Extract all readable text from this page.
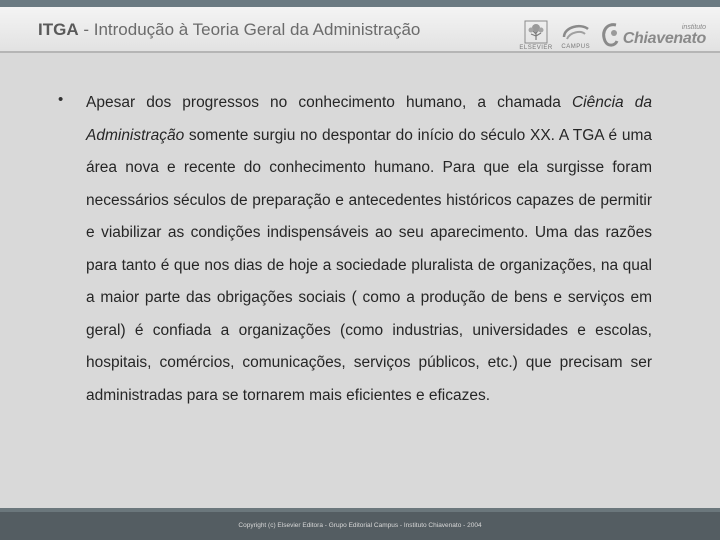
ITGA - Introdução à Teoria Geral da Administração
ELSEVIER CAMPUS
instituto
Chiavenato
• Apesar dos progressos no conhecimento humano, a chamada Ciência da Administração somente surgiu no despontar do início do século XX. A TGA é uma área nova e recente do conhecimento humano. Para que ela surgisse foram necessários séculos de preparação e antecedentes históricos capazes de permitir e viabilizar as condições indispensáveis ao seu aparecimento. Uma das razões para tanto é que nos dias de hoje a sociedade pluralista de organizações, na qual a maior parte das obrigações sociais ( como a produção de bens e serviços em geral) é confiada a organizações (como industrias, universidades e escolas, hospitais, comércios, comunicações, serviços públicos, etc.) que precisam ser administradas para se tornarem mais eficientes e eficazes.

Copyright (c) Elsevier Editora - Grupo Editorial Campus - Instituto Chiavenato - 2004
